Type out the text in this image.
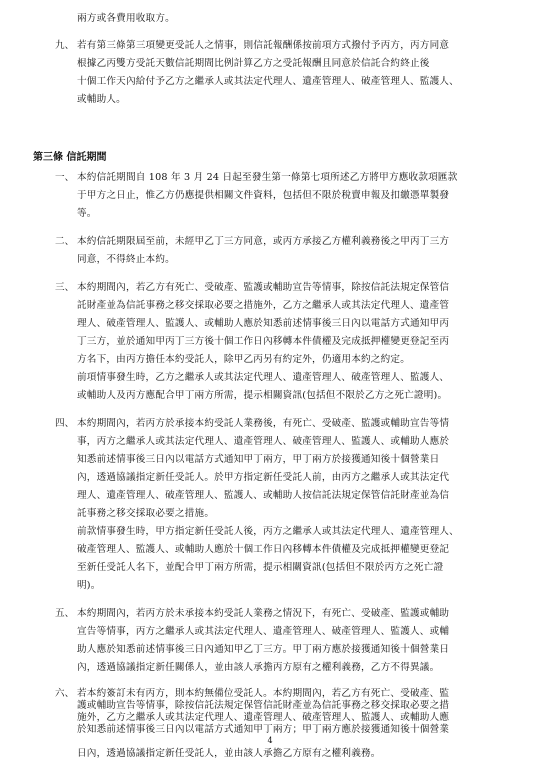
兩方或各費用收取方。
九、 若有第三條第三項變更受託人之情事，則信託報酬係按前項方式撥付予丙方，丙方同意
根據乙丙雙方受託天數信託期間比例計算乙方之受託報酬且同意於信託合約終止後
十個工作天內給付予乙方之繼承人或其法定代理人、遺產管理人、破產管理人、監護人、
或輔助人。
第三條 信託期間
一、 本約信託期間自 108 年 3 月 24 日起至發生第一條第七項所述乙方將甲方應收款項匯款
于甲方之日止，惟乙方仍應提供相關文件資料，包括但不限於稅賣申報及扣繳憑單製發
等。
二、 本約信託期限屆至前，未經甲乙丁三方同意，或丙方承接乙方權利義務後之甲丙丁三方
同意，不得終止本約。
三、 本約期間內，若乙方有死亡、受破產、監護或輔助宣告等情事，除按信託法規定保管信
託財產並為信託事務之移交採取必要之措施外，乙方之繼承人或其法定代理人、遺產管
理人、破產管理人、監護人、或輔助人應於知悉前述情事後三日內以電話方式通知甲丙
丁三方，並於通知甲丙丁三方後十個工作日內移轉本件債權及完成抵押權變更登記至丙
方名下，由丙方擔任本約受託人，除甲乙丙另有約定外，仍適用本約之約定。
前項情事發生時，乙方之繼承人或其法定代理人、遺產管理人、破產管理人、監護人、
或輔助人及丙方應配合甲丁兩方所需，提示相關資訊(包括但不限於乙方之死亡證明)。
四、 本約期間內，若丙方於承接本約受託人業務後，有死亡、受破產、監護或輔助宣告等情
事，丙方之繼承人或其法定代理人、遺產管理人、破產管理人、監護人、或輔助人應於
知悉前述情事後三日內以電話方式通知甲丁兩方，甲丁兩方於接獲通知後十個營業日
內，透過協議指定新任受託人。於甲方指定新任受託人前，由丙方之繼承人或其法定代
理人、遺產管理人、破產管理人、監護人、或輔助人按信託法規定保管信託財產並為信
託事務之移交採取必要之措施。
前款情事發生時，甲方指定新任受託人後，丙方之繼承人或其法定代理人、遺產管理人、
破產管理人、監護人、或輔助人應於十個工作日內移轉本件債權及完成抵押權變更登記
至新任受託人名下，並配合甲丁兩方所需，提示相關資訊(包括但不限於丙方之死亡證
明)。
五、 本約期間內，若丙方於未承接本約受託人業務之情況下，有死亡、受破產、監護或輔助
宣告等情事，丙方之繼承人或其法定代理人、遺產管理人、破產管理人、監護人、或輔
助人應於知悉前述情事後三日內通知甲乙丁三方。甲丁兩方應於接獲通知後十個營業日
內，透過協議指定新任關係人，並由該人承擔丙方原有之權利義務，乙方不得異議。
六、 若本約簽訂未有丙方，則本約無備位受託人。本約期間內，若乙方有死亡、受破產、監
護或輔助宣告等情事，除按信託法規定保管信託財產並為信託事務之移交採取必要之措
施外，乙方之繼承人或其法定代理人、遺產管理人、破產管理人、監護人、或輔助人應
於知悉前述情事後三日內以電話方式通知甲丁兩方；甲丁兩方應於接獲通知後十個營業
日內，透過協議指定新任受託人，並由該人承擔乙方原有之權利義務。
4
